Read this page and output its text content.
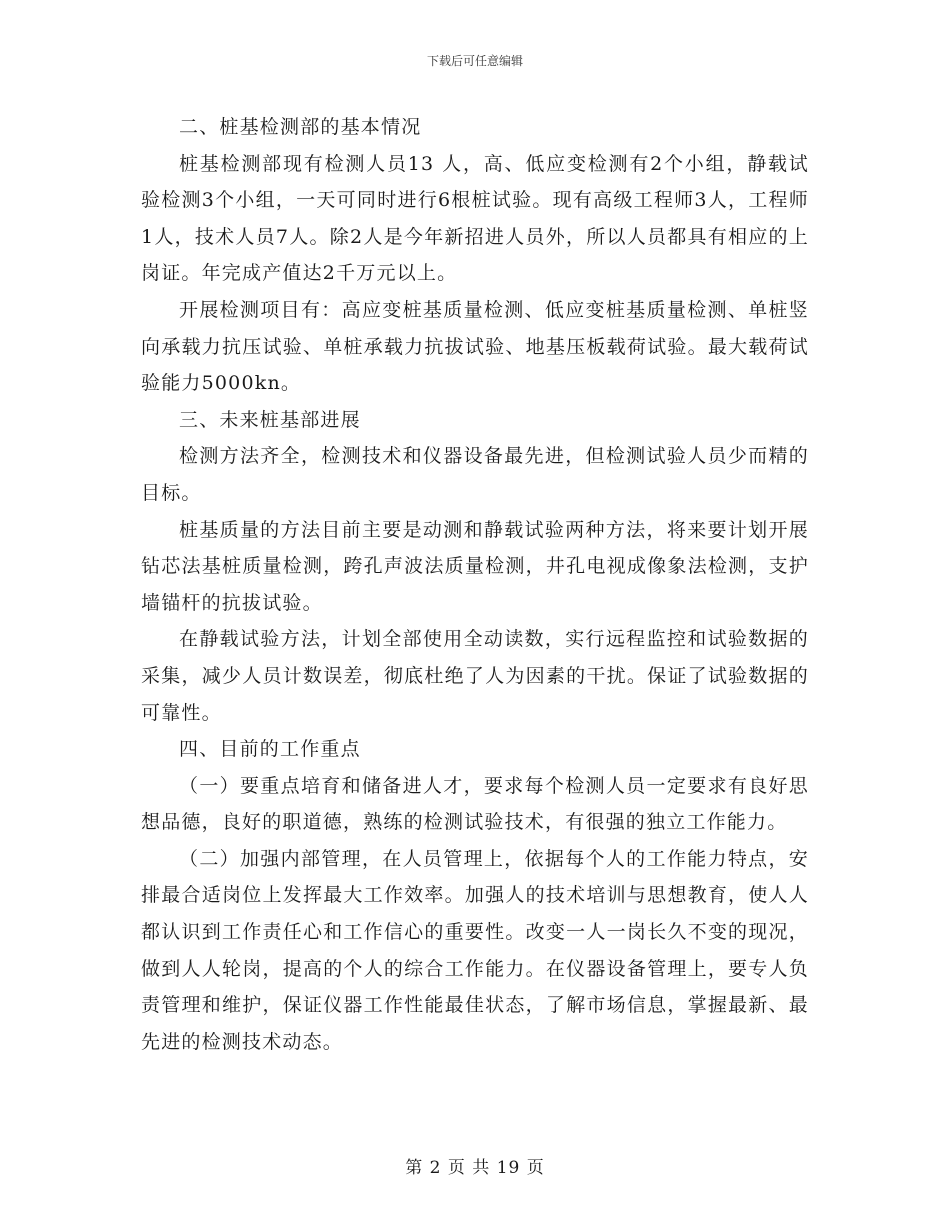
下载后可任意编辑

二、桩基检测部的基本情况

桩基检测部现有检测人员13 人，高、低应变检测有2个小组，静载试验检测3个小组，一天可同时进行6根桩试验。现有高级工程师3人，工程师1人，技术人员7人。除2人是今年新招进人员外，所以人员都具有相应的上岗证。年完成产值达2千万元以上。

开展检测项目有：高应变桩基质量检测、低应变桩基质量检测、单桩竖向承载力抗压试验、单桩承载力抗拔试验、地基压板载荷试验。最大载荷试验能力5000kn。

三、未来桩基部进展

检测方法齐全，检测技术和仪器设备最先进，但检测试验人员少而精的目标。

桩基质量的方法目前主要是动测和静载试验两种方法，将来要计划开展钻芯法基桩质量检测，跨孔声波法质量检测，井孔电视成像象法检测，支护墙锚杆的抗拔试验。

在静载试验方法，计划全部使用全动读数，实行远程监控和试验数据的采集，减少人员计数误差，彻底杜绝了人为因素的干扰。保证了试验数据的可靠性。

四、目前的工作重点

（一）要重点培育和储备进人才，要求每个检测人员一定要求有良好思想品德，良好的职道德，熟练的检测试验技术，有很强的独立工作能力。

（二）加强内部管理，在人员管理上，依据每个人的工作能力特点，安排最合适岗位上发挥最大工作效率。加强人的技术培训与思想教育，使人人都认识到工作责任心和工作信心的重要性。改变一人一岗长久不变的现况，做到人人轮岗，提高的个人的综合工作能力。在仪器设备管理上，要专人负责管理和维护，保证仪器工作性能最佳状态，了解市场信息，掌握最新、最先进的检测技术动态。

第 2 页 共 19 页
